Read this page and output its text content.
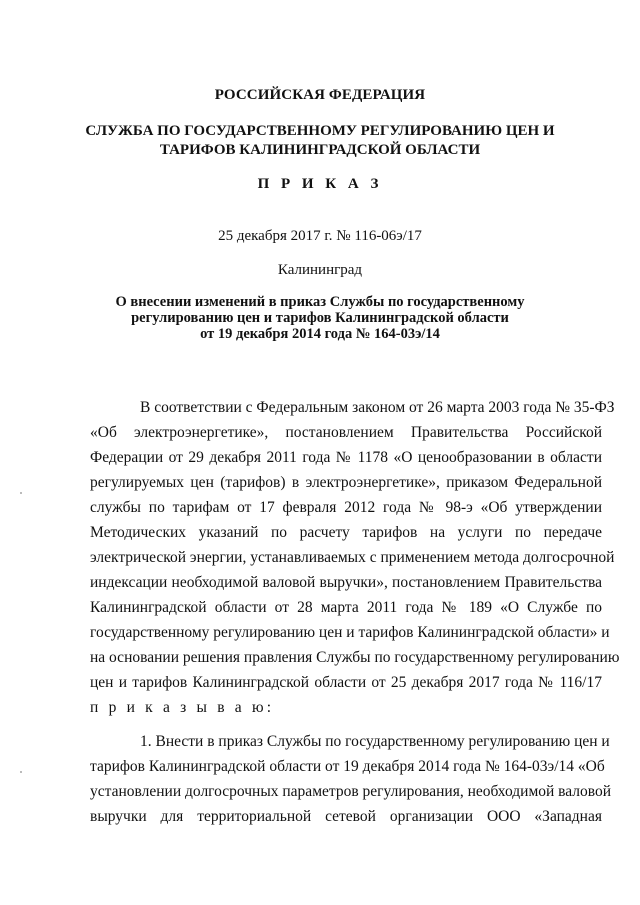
РОССИЙСКАЯ ФЕДЕРАЦИЯ
СЛУЖБА ПО ГОСУДАРСТВЕННОМУ РЕГУЛИРОВАНИЮ ЦЕН И
ТАРИФОВ КАЛИНИНГРАДСКОЙ ОБЛАСТИ
П Р И К А З
25 декабря 2017 г. № 116-06э/17
Калининград
О внесении изменений в приказ Службы по государственному
регулированию цен и тарифов Калининградской области
от 19 декабря 2014 года № 164-03э/14
В соответствии с Федеральным законом от 26 марта 2003 года № 35-ФЗ
«Об электроэнергетике», постановлением Правительства Российской
Федерации от 29 декабря 2011 года № 1178 «О ценообразовании в области
регулируемых цен (тарифов) в электроэнергетике», приказом Федеральной
службы по тарифам от 17 февраля 2012 года № 98-э «Об утверждении
Методических указаний по расчету тарифов на услуги по передаче
электрической энергии, устанавливаемых с применением метода долгосрочной
индексации необходимой валовой выручки», постановлением Правительства
Калининградской области от 28 марта 2011 года № 189 «О Службе по
государственному регулированию цен и тарифов Калининградской области» и
на основании решения правления Службы по государственному регулированию
цен и тарифов Калининградской области от 25 декабря 2017 года № 116/17
п р и к а з ы в а ю:
1. Внести в приказ Службы по государственному регулированию цен и
тарифов Калининградской области от 19 декабря 2014 года № 164-03э/14 «Об
установлении долгосрочных параметров регулирования, необходимой валовой
выручки для территориальной сетевой организации ООО «Западная
